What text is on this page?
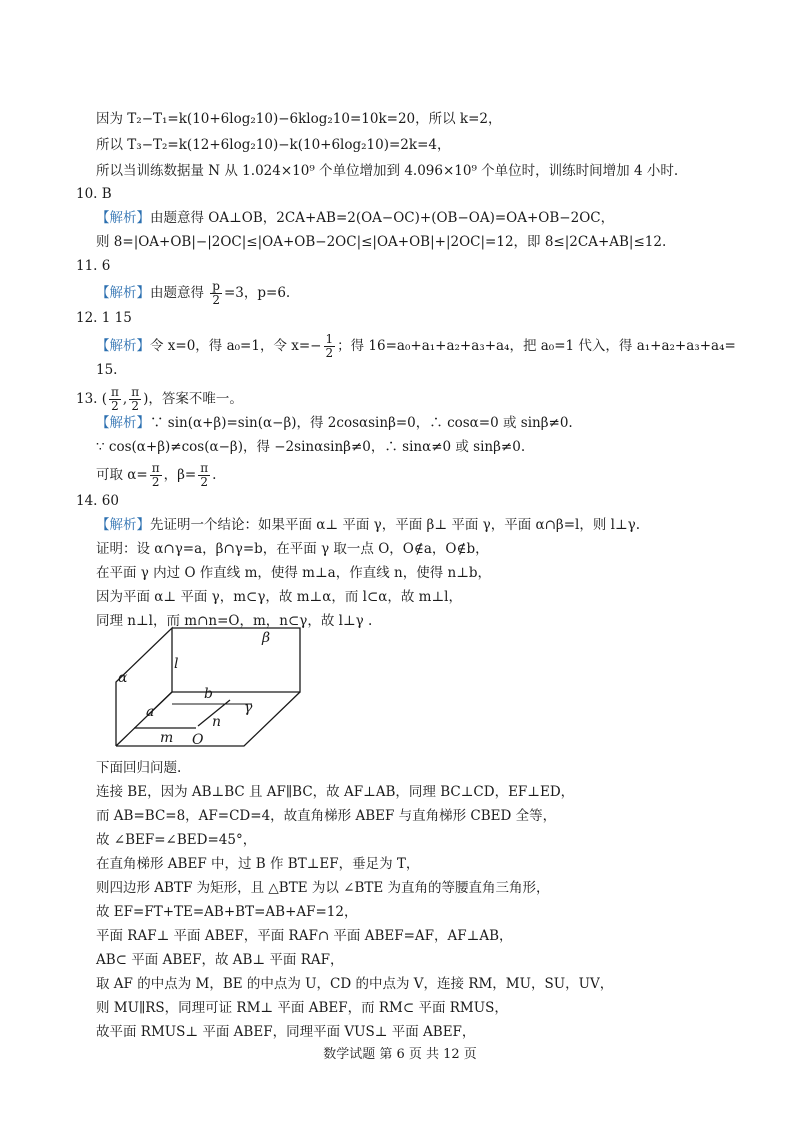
因为 T₂−T₁=k(10+6log₂10)−6klog₂10=10k=20，所以 k=2，
所以 T₃−T₂=k(12+6log₂10)−k(10+6log₂10)=2k=4，
所以当训练数据量 N 从 1.024×10⁹ 个单位增加到 4.096×10⁹ 个单位时，训练时间增加 4 小时.
10. B
【解析】由题意得 OA⊥OB，2CA+AB=2(OA−OC)+(OB−OA)=OA+OB−2OC，
则 8=|OA+OB|−|2OC|≤|OA+OB−2OC|≤|OA+OB|+|2OC|=12，即 8≤|2CA+AB|≤12.
11. 6
【解析】由题意得 $\frac{p}{2} =3$，p=6.
12. 1 15
【解析】令 x=0，得 a₀=1，令 $x=- \frac{1}{2}$ ；得 16=a₀+a₁+a₂+a₃+a₄，把 a₀=1 代入，得 a₁+a₂+a₃+a₄=
15.
13. ( $\frac{\pi}{2}$ , $\frac{\pi}{2}$ )，答案不唯一。
【解析】∵ sin(α+β)=sin(α−β)，得 2cosαsinβ=0，∴ cosα=0 或 sinβ≠0.
∵ cos(α+β)≠cos(α−β)，得 −2sinαsinβ≠0，∴ sinα≠0 或 sinβ≠0.
可取 $\alpha= \frac{\pi}{2}$ ，$\beta= \frac{\pi}{2}$ .
14. 60
【解析】先证明一个结论：如果平面 α⊥ 平面 γ，平面 β⊥ 平面 γ，平面 α∩β=l，则 l⊥γ.
证明：设 α∩γ=a，β∩γ=b，在平面 γ 取一点 O，O∉a，O∉b，
在平面 γ 内过 O 作直线 m，使得 m⊥a，作直线 n，使得 n⊥b，
因为平面 α⊥ 平面 γ，m⊂γ，故 m⊥α，而 l⊂α，故 m⊥l，
同理 n⊥l，而 m∩n=O，m，n⊂γ，故 l⊥γ .
β
l
α
b
a	γ
n
m O
下面回归问题.
连接 BE，因为 AB⊥BC 且 AF∥BC，故 AF⊥AB，同理 BC⊥CD，EF⊥ED，
而 AB=BC=8，AF=CD=4，故直角梯形 ABEF 与直角梯形 CBED 全等，
故 ∠BEF=∠BED=45°，
在直角梯形 ABEF 中，过 B 作 BT⊥EF，垂足为 T，
则四边形 ABTF 为矩形，且 △BTE 为以 ∠BTE 为直角的等腰直角三角形，
故 EF=FT+TE=AB+BT=AB+AF=12，
平面 RAF⊥ 平面 ABEF，平面 RAF∩ 平面 ABEF=AF，AF⊥AB，
AB⊂ 平面 ABEF，故 AB⊥ 平面 RAF，
取 AF 的中点为 M，BE 的中点为 U，CD 的中点为 V，连接 RM，MU，SU，UV，
则 MU∥RS，同理可证 RM⊥ 平面 ABEF，而 RM⊂ 平面 RMUS，
故平面 RMUS⊥ 平面 ABEF，同理平面 VUS⊥ 平面 ABEF，
数学试题 第 6 页 共 12 页
